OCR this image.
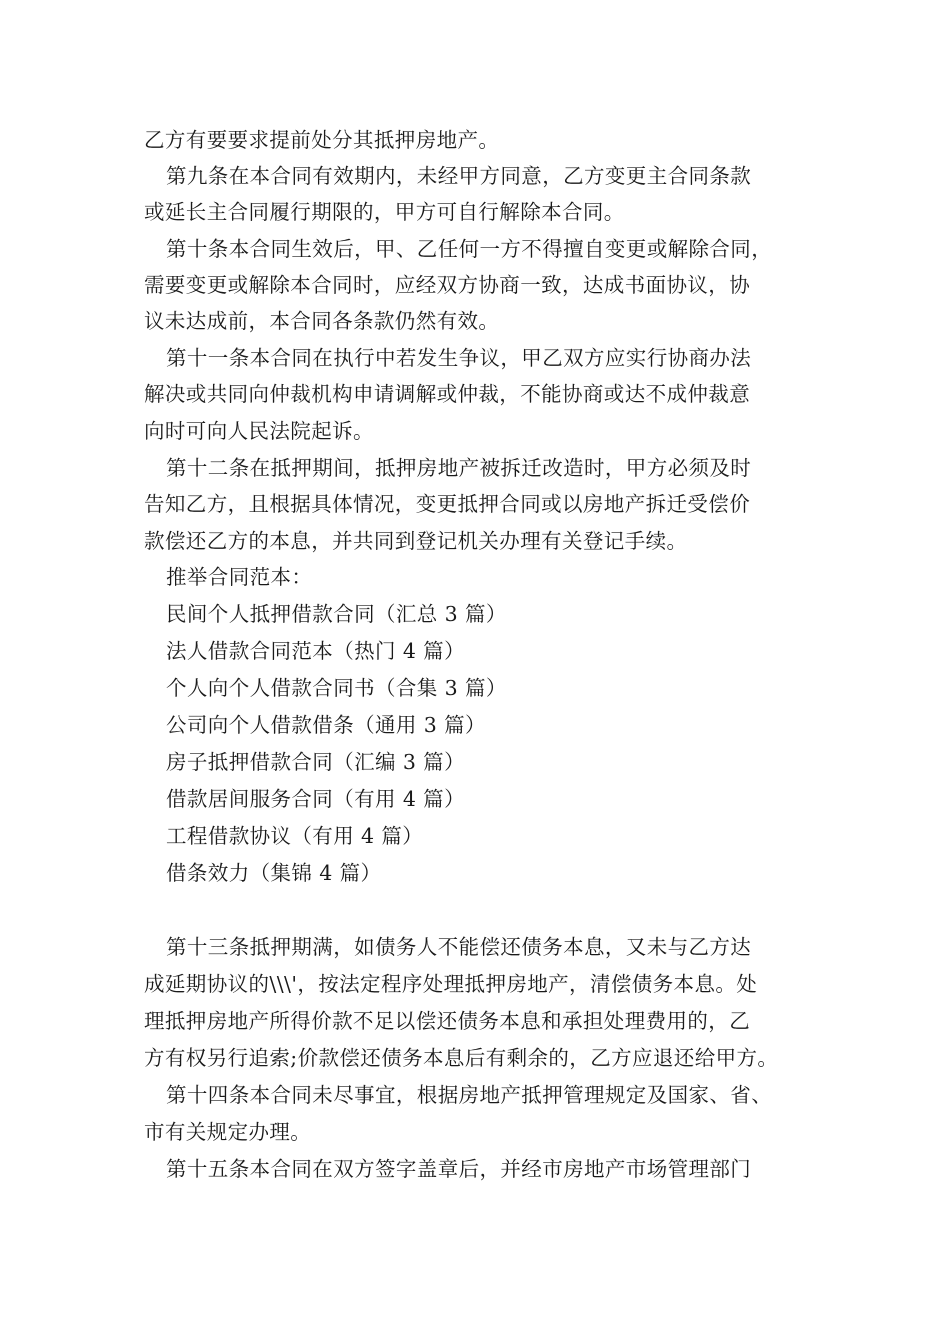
乙方有要要求提前处分其抵押房地产。
第九条在本合同有效期内，未经甲方同意，乙方变更主合同条款
或延长主合同履行期限的，甲方可自行解除本合同。
第十条本合同生效后，甲、乙任何一方不得擅自变更或解除合同，
需要变更或解除本合同时，应经双方协商一致，达成书面协议，协
议未达成前，本合同各条款仍然有效。
第十一条本合同在执行中若发生争议，甲乙双方应实行协商办法
解决或共同向仲裁机构申请调解或仲裁，不能协商或达不成仲裁意
向时可向人民法院起诉。
第十二条在抵押期间，抵押房地产被拆迁改造时，甲方必须及时
告知乙方，且根据具体情况，变更抵押合同或以房地产拆迁受偿价
款偿还乙方的本息，并共同到登记机关办理有关登记手续。
推举合同范本：
民间个人抵押借款合同（汇总 3 篇）
法人借款合同范本（热门 4 篇）
个人向个人借款合同书（合集 3 篇）
公司向个人借款借条（通用 3 篇）
房子抵押借款合同（汇编 3 篇）
借款居间服务合同（有用 4 篇）
工程借款协议（有用 4 篇）
借条效力（集锦 4 篇）
第十三条抵押期满，如债务人不能偿还债务本息，又未与乙方达
成延期协议的\\\'，按法定程序处理抵押房地产，清偿债务本息。处
理抵押房地产所得价款不足以偿还债务本息和承担处理费用的，乙
方有权另行追索;价款偿还债务本息后有剩余的，乙方应退还给甲方。
第十四条本合同未尽事宜，根据房地产抵押管理规定及国家、省、
市有关规定办理。
第十五条本合同在双方签字盖章后，并经市房地产市场管理部门
